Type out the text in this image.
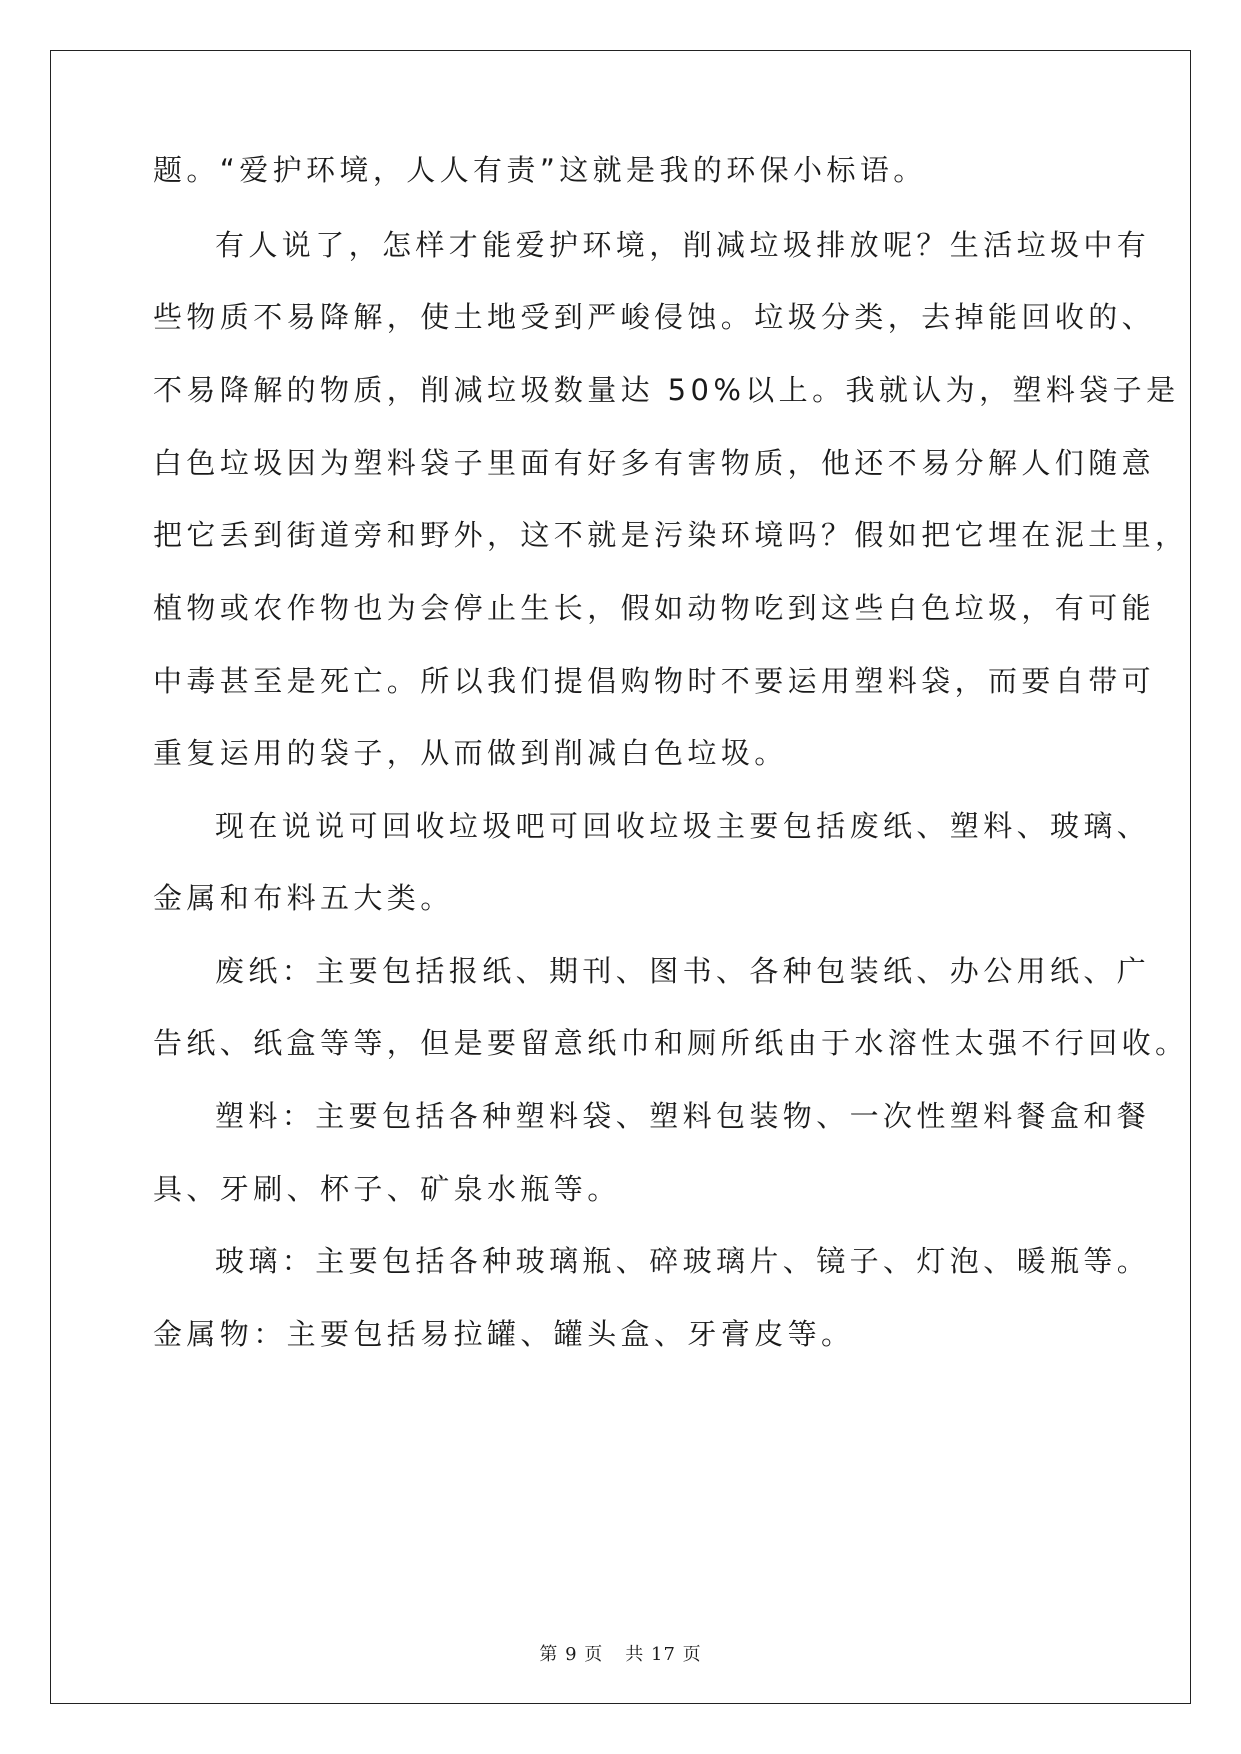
题。“爱护环境，人人有责”这就是我的环保小标语。

有人说了，怎样才能爱护环境，削减垃圾排放呢？生活垃圾中有

些物质不易降解，使土地受到严峻侵蚀。垃圾分类，去掉能回收的、

不易降解的物质，削减垃圾数量达 50%以上。我就认为，塑料袋子是

白色垃圾因为塑料袋子里面有好多有害物质，他还不易分解人们随意

把它丢到街道旁和野外，这不就是污染环境吗？假如把它埋在泥土里，

植物或农作物也为会停止生长，假如动物吃到这些白色垃圾，有可能

中毒甚至是死亡。所以我们提倡购物时不要运用塑料袋，而要自带可

重复运用的袋子，从而做到削减白色垃圾。

现在说说可回收垃圾吧可回收垃圾主要包括废纸、塑料、玻璃、

金属和布料五大类。

废纸：主要包括报纸、期刊、图书、各种包装纸、办公用纸、广

告纸、纸盒等等，但是要留意纸巾和厕所纸由于水溶性太强不行回收。

塑料：主要包括各种塑料袋、塑料包装物、一次性塑料餐盒和餐

具、牙刷、杯子、矿泉水瓶等。

玻璃：主要包括各种玻璃瓶、碎玻璃片、镜子、灯泡、暖瓶等。

金属物：主要包括易拉罐、罐头盒、牙膏皮等。

第 9 页 共 17 页
